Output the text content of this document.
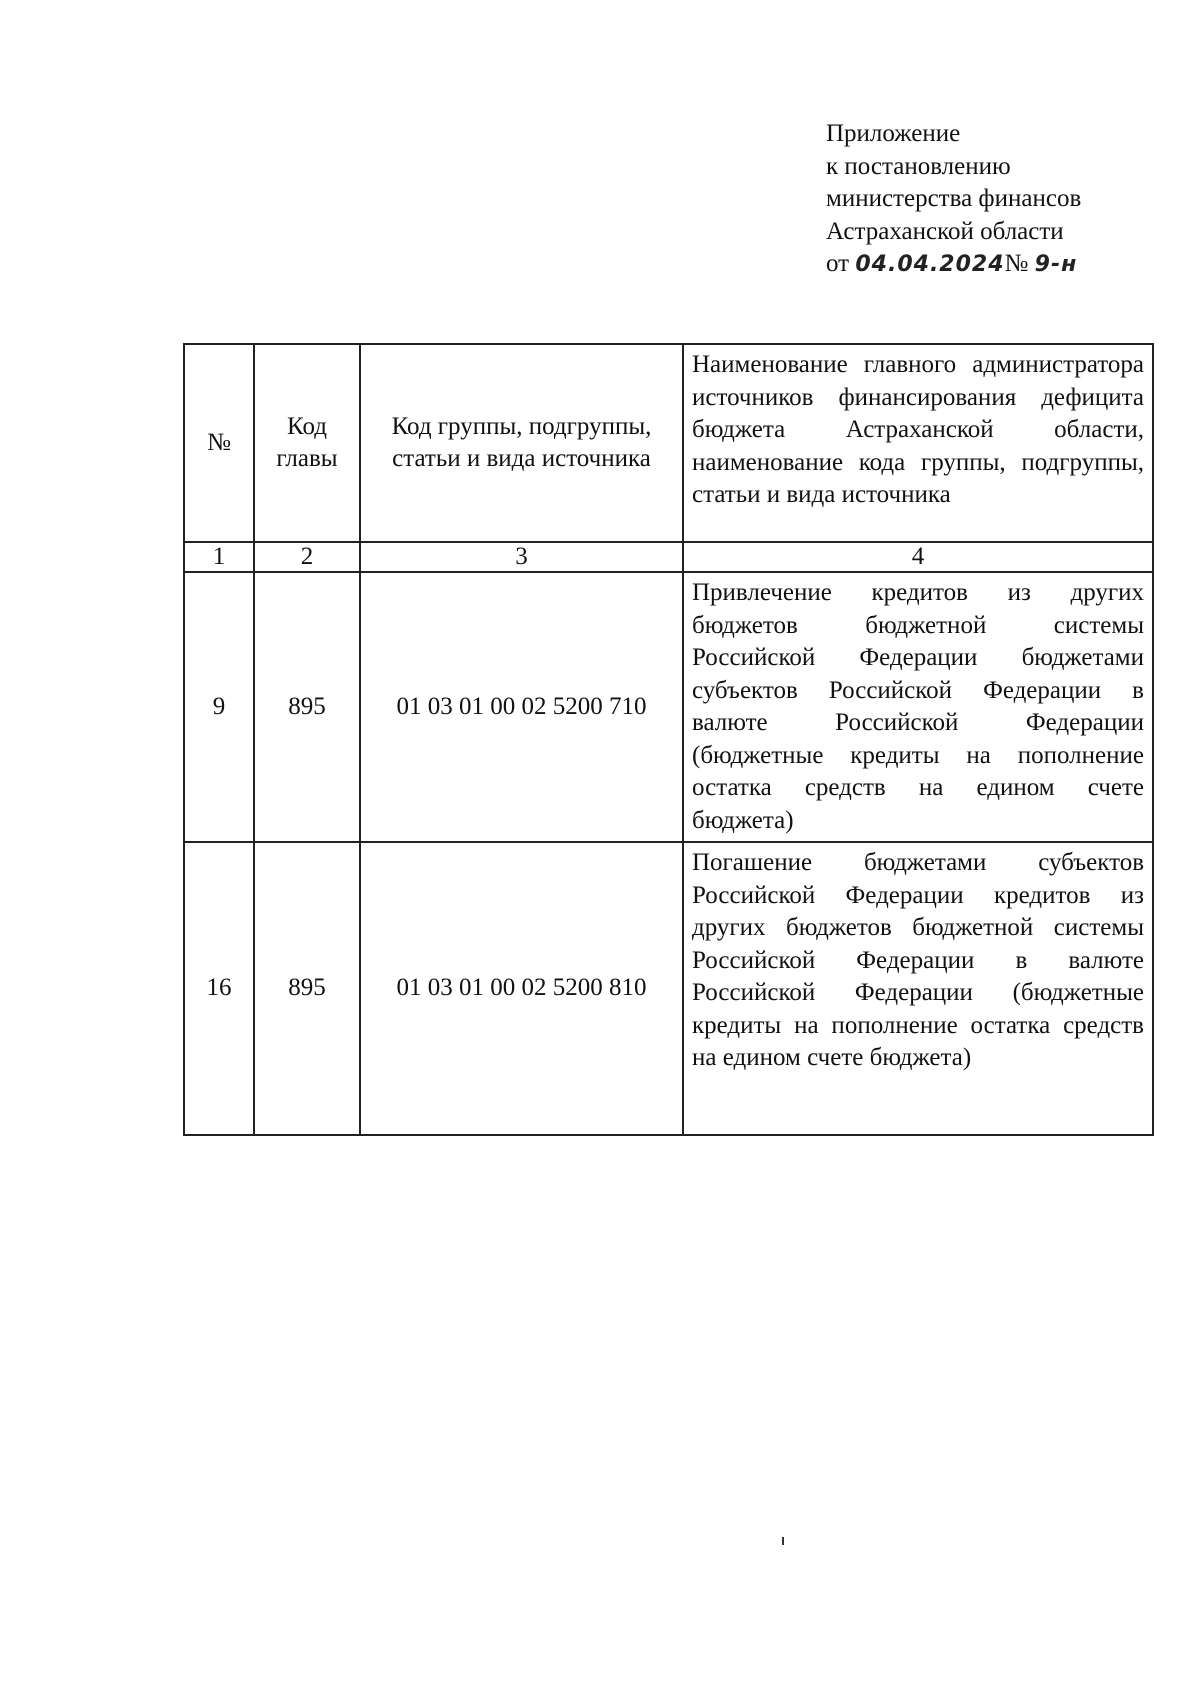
Приложение
к постановлению
министерства финансов
Астраханской области
от 04.04.2024№ 9-н
№	Код главы	Код группы, подгруппы, статьи и вида источника	Наименование главного администратора источников финансирования дефицита бюджета Астраханской области, наименование кода группы, подгруппы, статьи и вида источника

1	2	3	4
9	895	01 03 01 00 02 5200 710	Привлечение кредитов из других бюджетов бюджетной системы Российской Федерации бюджетами субъектов Российской Федерации в валюте Российской Федерации (бюджетные кредиты на пополнение остатка средств на едином счете бюджета)

16	895	01 03 01 00 02 5200 810	Погашение бюджетами субъектов Российской Федерации кредитов из других бюджетов бюджетной системы Российской Федерации в валюте Российской Федерации (бюджетные кредиты на пополнение остатка средств на едином счете бюджета)
